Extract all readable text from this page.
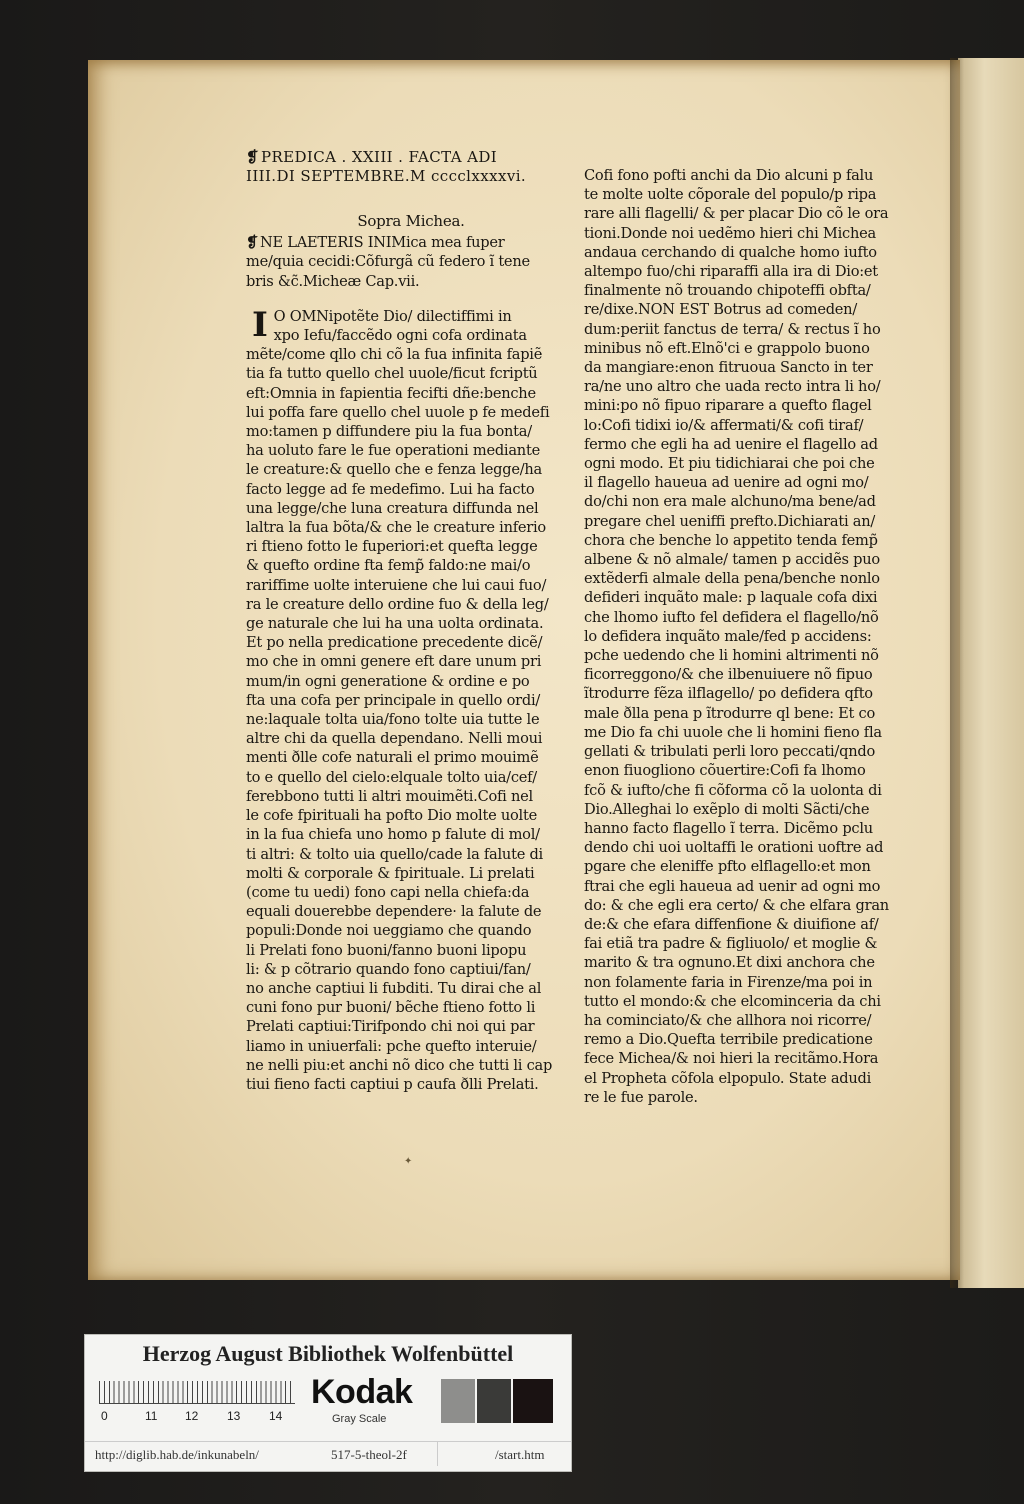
❡ PREDICA . XXIII . FACTA ADI
IIII.DI SEPTEMBRE.M cccclxxxxvi.
Sopra Michea.
❡ NE LAETERIS INIMica mea fuper
me/quia cecidi:Cõfurgã cũ federo ĩ tene
bris &c̃.Micheæ Cap.vii.
I O OMNipotẽte Dio/ dilectiffimi in
xpo Iefu/faccẽdo ogni cofa ordinata
mẽte/come qllo chi cõ la fua infinita fapiẽ
tia fa tutto quello chel uuole/ficut fcriptũ
eft:Omnia in fapientia fecifti dñe:benche
lui poffa fare quello chel uuole p fe medefi
mo:tamen p diffundere piu la fua bonta/
ha uoluto fare le fue operationi mediante
le creature:& quello che e fenza legge/ha
facto legge ad fe medefimo. Lui ha facto
una legge/che luna creatura diffunda nel
laltra la fua bõta/& che le creature inferio
ri ftieno fotto le fuperiori:et quefta legge
& quefto ordine fta femp̃ faldo:ne mai/o
rariffime uolte interuiene che lui caui fuo/
ra le creature dello ordine fuo & della leg/
ge naturale che lui ha una uolta ordinata.
Et po nella predicatione precedente dicẽ/
mo che in omni genere eft dare unum pri
mum/in ogni generatione & ordine e po
fta una cofa per principale in quello ordi/
ne:laquale tolta uia/fono tolte uia tutte le
altre chi da quella dependano. Nelli moui
menti ðlle cofe naturali el primo mouimẽ
to e quello del cielo:elquale tolto uia/cef/
ferebbono tutti li altri mouimẽti.Cofi nel
le cofe fpirituali ha pofto Dio molte uolte
in la fua chiefa uno homo p falute di mol/
ti altri: & tolto uia quello/cade la falute di
molti & corporale & fpirituale. Li prelati
(come tu uedi) fono capi nella chiefa:da
equali douerebbe dependere· la falute de
populi:Donde noi ueggiamo che quando
li Prelati fono buoni/fanno buoni lipopu
li: & p cõtrario quando fono captiui/fan/
no anche captiui li fubditi. Tu dirai che al
cuni fono pur buoni/ bẽche ftieno fotto li
Prelati captiui:Tirifpondo chi noi qui par
liamo in uniuerfali: pche quefto interuie/
ne nelli piu:et anchi nõ dico che tutti li cap
tiui fieno facti captiui p caufa ðlli Prelati.
Cofi fono pofti anchi da Dio alcuni p falu
te molte uolte cõporale del populo/p ripa
rare alli flagelli/ & per placar Dio cõ le ora
tioni.Donde noi uedẽmo hieri chi Michea
andaua cerchando di qualche homo iufto
altempo fuo/chi riparaffi alla ira di Dio:et
finalmente nõ trouando chipoteffi obfta/
re/dixe.NON EST Botrus ad comeden/
dum:periit fanctus de terra/ & rectus ĩ ho
minibus nõ eft.Elnõ'ci e grappolo buono
da mangiare:enon fitruoua Sancto in ter
ra/ne uno altro che uada recto intra li ho/
mini:po nõ fipuo riparare a quefto flagel
lo:Cofi tidixi io/& affermati/& cofi tiraf/
fermo che egli ha ad uenire el flagello ad
ogni modo. Et piu tidichiarai che poi che
il flagello haueua ad uenire ad ogni mo/
do/chi non era male alchuno/ma bene/ad
pregare chel ueniffi prefto.Dichiarati an/
chora che benche lo appetito tenda femp̃
albene & nõ almale/ tamen p accidẽs puo
extẽderfi almale della pena/benche nonlo
defideri inquãto male: p laquale cofa dixi
che lhomo iufto fel defidera el flagello/nõ
lo defidera inquãto male/fed p accidens:
pche uedendo che li homini altrimenti nõ
ficorreggono/& che ilbenuiuere nõ fipuo
ĩtrodurre fẽza ilflagello/ po defidera qfto
male ðlla pena p ĩtrodurre ql bene: Et co
me Dio fa chi uuole che li homini fieno fla
gellati & tribulati perli loro peccati/qndo
enon fiuogliono cõuertire:Cofi fa lhomo
fcõ & iufto/che fi cõforma cõ la uolonta di
Dio.Alleghai lo exẽplo di molti Sãcti/che
hanno facto flagello ĩ terra. Dicẽmo pclu
dendo chi uoi uoltaffi le orationi uoftre ad
pgare che eleniffe pfto elflagello:et mon
ftrai che egli haueua ad uenir ad ogni mo
do: & che egli era certo/ & che elfara gran
de:& che efara diffenfione & diuifione af/
fai etiã tra padre & figliuolo/ et moglie &
marito & tra ognuno.Et dixi anchora che
non folamente faria in Firenze/ma poi in
tutto el mondo:& che elcominceria da chi
ha cominciato/& che allhora noi ricorre/
remo a Dio.Quefta terribile predicatione
fece Michea/& noi hieri la recitãmo.Hora
el Propheta cõfola elpopulo. State adudi
re le fue parole.
✦
Herzog August Bibliothek Wolfenbüttel
0	11 12 13 14
Kodak
Gray Scale
http://diglib.hab.de/inkunabeln/	517-5-theol-2f	/start.htm
